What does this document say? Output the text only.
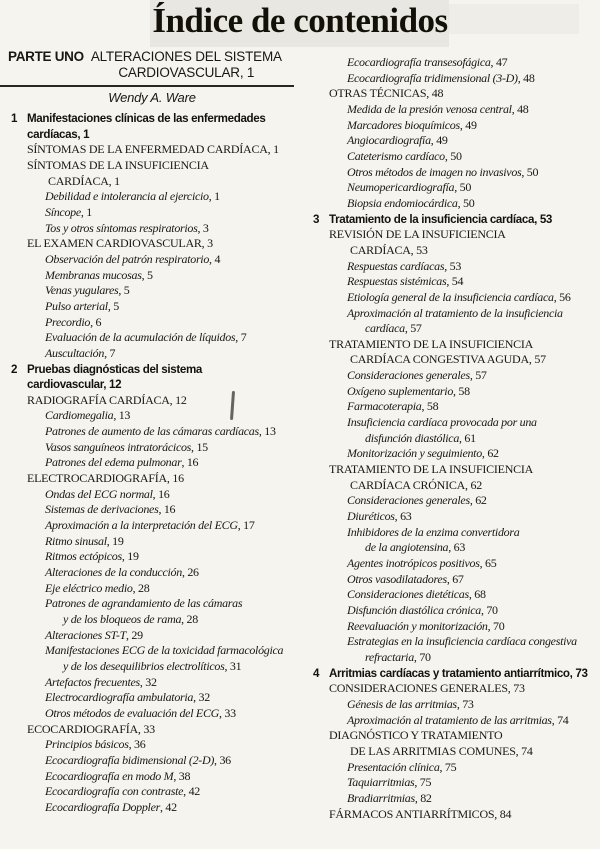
Índice de contenidos
PARTE UNO ALTERACIONES DEL SISTEMA
CARDIOVASCULAR, 1
Wendy A. Ware
1 Manifestaciones clínicas de las enfermedades
cardíacas, 1
SÍNTOMAS DE LA ENFERMEDAD CARDÍACA, 1
SÍNTOMAS DE LA INSUFICIENCIA
CARDÍACA, 1
Debilidad e intolerancia al ejercicio, 1
Síncope, 1
Tos y otros síntomas respiratorios, 3
EL EXAMEN CARDIOVASCULAR, 3
Observación del patrón respiratorio, 4
Membranas mucosas, 5
Venas yugulares, 5
Pulso arterial, 5
Precordio, 6
Evaluación de la acumulación de líquidos, 7
Auscultación, 7
2 Pruebas diagnósticas del sistema
cardiovascular, 12
RADIOGRAFÍA CARDÍACA, 12
Cardiomegalia, 13
Patrones de aumento de las cámaras cardíacas, 13
Vasos sanguíneos intratorácicos, 15
Patrones del edema pulmonar, 16
ELECTROCARDIOGRAFÍA, 16
Ondas del ECG normal, 16
Sistemas de derivaciones, 16
Aproximación a la interpretación del ECG, 17
Ritmo sinusal, 19
Ritmos ectópicos, 19
Alteraciones de la conducción, 26
Eje eléctrico medio, 28
Patrones de agrandamiento de las cámaras
y de los bloqueos de rama, 28
Alteraciones ST-T, 29
Manifestaciones ECG de la toxicidad farmacológica
y de los desequilibrios electrolíticos, 31
Artefactos frecuentes, 32
Electrocardiografía ambulatoria, 32
Otros métodos de evaluación del ECG, 33
ECOCARDIOGRAFÍA, 33
Principios básicos, 36
Ecocardiografía bidimensional (2-D), 36
Ecocardiografía en modo M, 38
Ecocardiografía con contraste, 42
Ecocardiografía Doppler, 42
Ecocardiografía transesofágica, 47
Ecocardiografía tridimensional (3-D), 48
OTRAS TÉCNICAS, 48
Medida de la presión venosa central, 48
Marcadores bioquímicos, 49
Angiocardiografía, 49
Cateterismo cardíaco, 50
Otros métodos de imagen no invasivos, 50
Neumopericardiografía, 50
Biopsia endomiocárdica, 50
3 Tratamiento de la insuficiencia cardíaca, 53
REVISIÓN DE LA INSUFICIENCIA
CARDÍACA, 53
Respuestas cardíacas, 53
Respuestas sistémicas, 54
Etiología general de la insuficiencia cardíaca, 56
Aproximación al tratamiento de la insuficiencia
cardíaca, 57
TRATAMIENTO DE LA INSUFICIENCIA
CARDÍACA CONGESTIVA AGUDA, 57
Consideraciones generales, 57
Oxígeno suplementario, 58
Farmacoterapia, 58
Insuficiencia cardíaca provocada por una
disfunción diastólica, 61
Monitorización y seguimiento, 62
TRATAMIENTO DE LA INSUFICIENCIA
CARDÍACA CRÓNICA, 62
Consideraciones generales, 62
Diuréticos, 63
Inhibidores de la enzima convertidora
de la angiotensina, 63
Agentes inotrópicos positivos, 65
Otros vasodilatadores, 67
Consideraciones dietéticas, 68
Disfunción diastólica crónica, 70
Reevaluación y monitorización, 70
Estrategias en la insuficiencia cardíaca congestiva
refractaria, 70
4 Arritmias cardíacas y tratamiento antiarrítmico, 73
CONSIDERACIONES GENERALES, 73
Génesis de las arritmias, 73
Aproximación al tratamiento de las arritmias, 74
DIAGNÓSTICO Y TRATAMIENTO
DE LAS ARRITMIAS COMUNES, 74
Presentación clínica, 75
Taquiarritmias, 75
Bradiarritmias, 82
FÁRMACOS ANTIARRÍTMICOS, 84
